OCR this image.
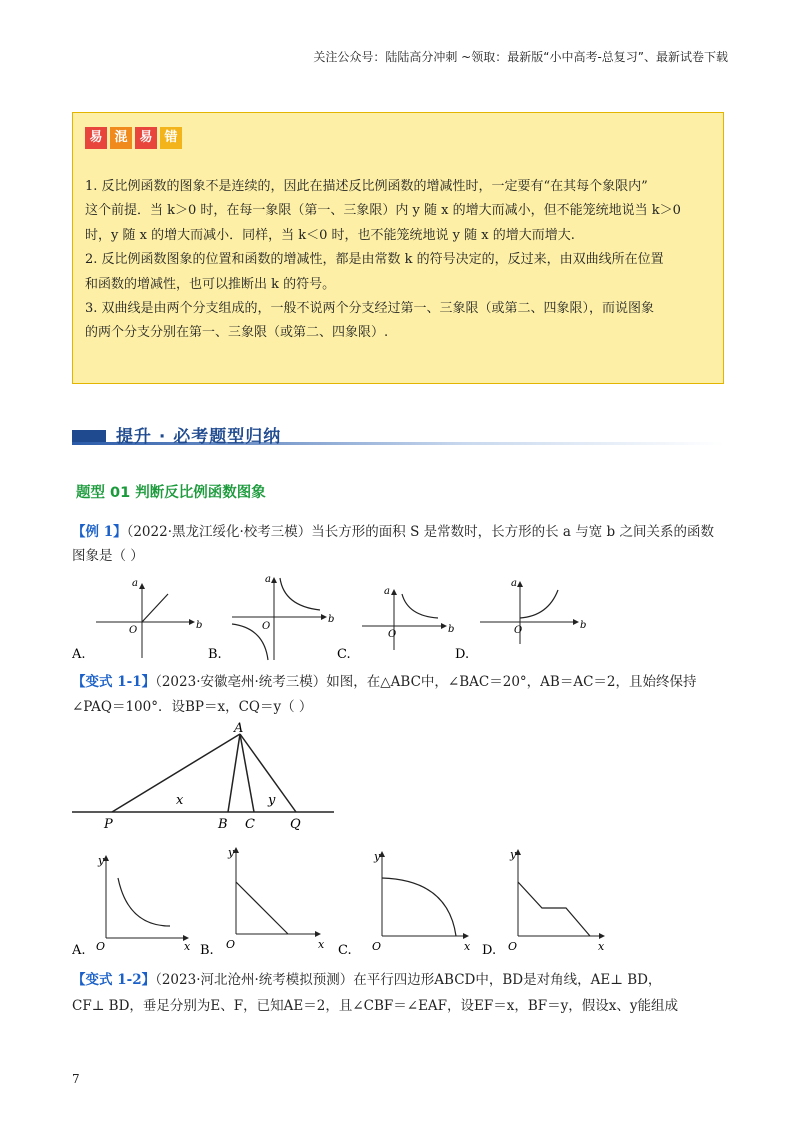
关注公众号：陆陆高分冲刺 ~领取：最新版“小中高考-总复习”、最新试卷下载
易 混 易 错

1. 反比例函数的图象不是连续的，因此在描述反比例函数的增减性时，一定要有“在其每个象限内”

这个前提．当 k＞0 时，在每一象限（第一、三象限）内 y 随 x 的增大而减小，但不能笼统地说当 k＞0

时，y 随 x 的增大而减小．同样，当 k＜0 时，也不能笼统地说 y 随 x 的增大而增大.

2. 反比例函数图象的位置和函数的增减性，都是由常数 k 的符号决定的，反过来，由双曲线所在位置

和函数的增减性，也可以推断出 k 的符号。

3. 双曲线是由两个分支组成的，一般不说两个分支经过第一、三象限（或第二、四象限），而说图象

的两个分支分别在第一、三象限（或第二、四象限）.

提升 · 必考题型归纳
题型 01 判断反比例函数图象
【例 1】（2022·黑龙江绥化·校考三模）当长方形的面积 S 是常数时，长方形的长 a 与宽 b 之间关系的函数
图象是（ ）
O
a
b
A.
O
a
b
B.
O
a
b
C.
O
a
b
D.
【变式 1-1】（2023·安徽亳州·统考三模）如图，在△ABC中，∠BAC＝20°，AB＝AC＝2，且始终保持
∠PAQ＝100°．设BP＝x，CQ＝y（ ）
A
P	B C	Q
x	y
O
y
x
A.	O
y
x
B.	O
y
x
C.	O
y
x
D.
【变式 1-2】（2023·河北沧州·统考模拟预测）在平行四边形ABCD中，BD是对角线，AE⊥ BD，
CF⊥ BD，垂足分别为E、F，已知AE＝2，且∠CBF＝∠EAF，设EF＝x，BF＝y，假设x、y能组成
7
